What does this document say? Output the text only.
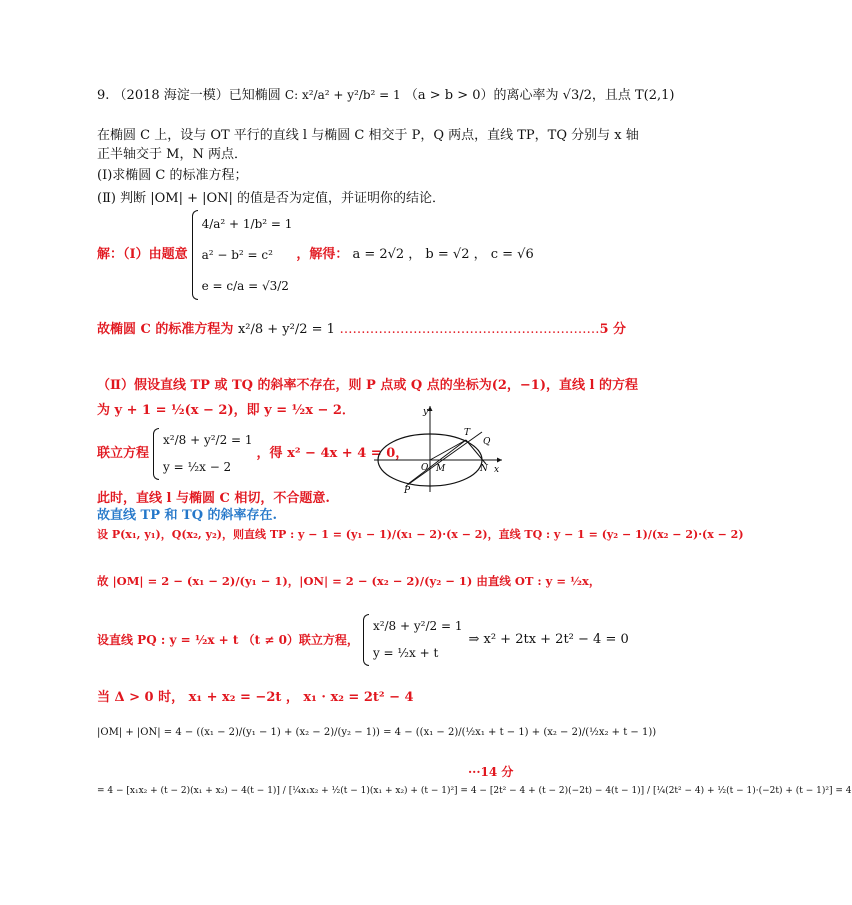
9. （2018 海淀一模）已知椭圆 C: x²/a² + y²/b² = 1 （a > b > 0）的离心率为 √3/2，且点 T(2,1)
在椭圆 C 上，设与 OT 平行的直线 l 与椭圆 C 相交于 P，Q 两点，直线 TP，TQ 分别与 x 轴
正半轴交于 M，N 两点．
(Ⅰ)求椭圆 C 的标准方程；
(Ⅱ) 判断 |OM| + |ON| 的值是否为定值，并证明你的结论．
解：（Ⅰ）由题意
4/a² + 1/b² = 1
a² − b² = c²
e = c/a = √3/2
，解得： a = 2√2 ， b = √2 ， c = √6
故椭圆 C 的标准方程为 x²/8 + y²/2 = 1 ……………………………………………………5 分
（Ⅱ）假设直线 TP 或 TQ 的斜率不存在，则 P 点或 Q 点的坐标为(2，−1)，直线 l 的方程
为 y + 1 = ½(x − 2)，即 y = ½x − 2．
联立方程
x²/8 + y²/2 = 1
y = ½x − 2
，得 x² − 4x + 4 = 0，
y
x
T
Q
O M	N
P
此时，直线 l 与椭圆 C 相切，不合题意.
故直线 TP 和 TQ 的斜率存在.
设 P(x₁, y₁)，Q(x₂, y₂)，则直线 TP : y − 1 = (y₁ − 1)/(x₁ − 2)·(x − 2)，直线 TQ : y − 1 = (y₂ − 1)/(x₂ − 2)·(x − 2)
故 |OM| = 2 − (x₁ − 2)/(y₁ − 1)，|ON| = 2 − (x₂ − 2)/(y₂ − 1) 由直线 OT : y = ½x，
设直线 PQ : y = ½x + t （t ≠ 0）联立方程，
x²/8 + y²/2 = 1
y = ½x + t
⇒ x² + 2tx + 2t² − 4 = 0
当 Δ > 0 时， x₁ + x₂ = −2t ， x₁ · x₂ = 2t² − 4
|OM| + |ON| = 4 − ((x₁ − 2)/(y₁ − 1) + (x₂ − 2)/(y₂ − 1)) = 4 − ((x₁ − 2)/(½x₁ + t − 1) + (x₂ − 2)/(½x₂ + t − 1))
···14 分
= 4 − [x₁x₂ + (t − 2)(x₁ + x₂) − 4(t − 1)] / [¼x₁x₂ + ½(t − 1)(x₁ + x₂) + (t − 1)²] = 4 − [2t² − 4 + (t − 2)(−2t) − 4(t − 1)] / [¼(2t² − 4) + ½(t − 1)·(−2t) + (t − 1)²] = 4
